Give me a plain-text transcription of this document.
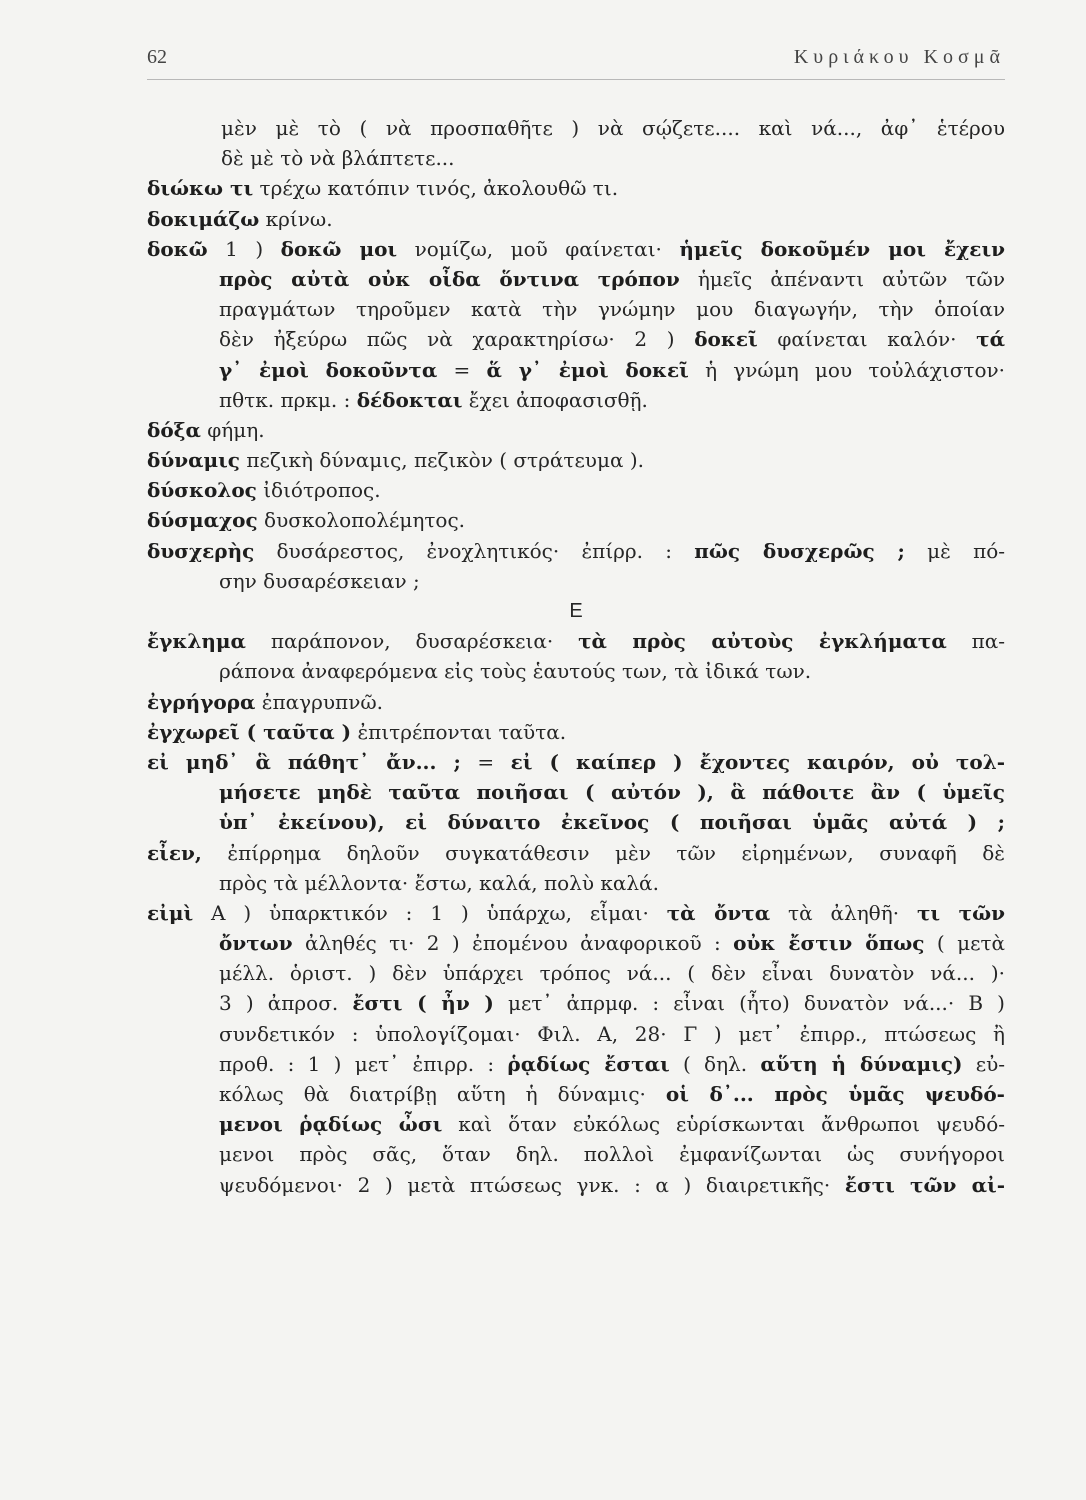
62	Κυριάκου Κοσμᾶ
μὲν μὲ τὸ ( νὰ προσπαθῆτε ) νὰ σῴζετε.... καὶ νά..., ἀφ᾽ ἑτέρου
δὲ μὲ τὸ νὰ βλάπτετε...
διώκω τι τρέχω κατόπιν τινός, ἀκολουθῶ τι.
δοκιμάζω κρίνω.
δοκῶ 1 ) δοκῶ μοι νομίζω, μοῦ φαίνεται· ἡμεῖς δοκοῦμέν μοι ἔχειν
πρὸς αὐτὰ οὐκ οἶδα ὅντινα τρόπον ἡμεῖς ἀπέναντι αὐτῶν τῶν
πραγμάτων τηροῦμεν κατὰ τὴν γνώμην μου διαγωγήν, τὴν ὁποίαν
δὲν ἠξεύρω πῶς νὰ χαρακτηρίσω· 2 ) δοκεῖ φαίνεται καλόν· τά
γ᾽ ἐμοὶ δοκοῦντα = ἅ γ᾽ ἐμοὶ δοκεῖ ἡ γνώμη μου τοὐλάχιστον·
πθτκ. πρκμ. : δέδοκται ἔχει ἀποφασισθῇ.
δόξα φήμη.
δύναμις πεζικὴ δύναμις, πεζικὸν ( στράτευμα ).
δύσκολος ἰδιότροπος.
δύσμαχος δυσκολοπολέμητος.
δυσχερὴς δυσάρεστος, ἐνοχλητικός· ἐπίρρ. : πῶς δυσχερῶς ; μὲ πό-
σην δυσαρέσκειαν ;
Ε
ἔγκλημα παράπονον, δυσαρέσκεια· τὰ πρὸς αὐτοὺς ἐγκλήματα πα-
ράπονα ἀναφερόμενα εἰς τοὺς ἑαυτούς των, τὰ ἰδικά των.
ἐγρήγορα ἐπαγρυπνῶ.
ἐγχωρεῖ ( ταῦτα ) ἐπιτρέπονται ταῦτα.
εἰ μηδ᾽ ἃ πάθητ᾽ ἄν... ; = εἰ ( καίπερ ) ἔχοντες καιρόν, οὐ τολ-
μήσετε μηδὲ ταῦτα ποιῆσαι ( αὐτόν ), ἃ πάθοιτε ἂν ( ὑμεῖς
ὑπ᾽ ἐκείνου), εἰ δύναιτο ἐκεῖνος ( ποιῆσαι ὑμᾶς αὐτά ) ;
εἶεν, ἐπίρρημα δηλοῦν συγκατάθεσιν μὲν τῶν εἰρημένων, συναφῆ δὲ
πρὸς τὰ μέλλοντα· ἔστω, καλά, πολὺ καλά.
εἰμὶ Α ) ὑπαρκτικόν : 1 ) ὑπάρχω, εἶμαι· τὰ ὄντα τὰ ἀληθῆ· τι τῶν
ὄντων ἀληθές τι· 2 ) ἐπομένου ἀναφορικοῦ : οὐκ ἔστιν ὅπως ( μετὰ
μέλλ. ὁριστ. ) δὲν ὑπάρχει τρόπος νά... ( δὲν εἶναι δυνατὸν νά... )·
3 ) ἀπροσ. ἔστι ( ἦν ) μετ᾽ ἀπρμφ. : εἶναι (ἦτο) δυνατὸν νά...· Β )
συνδετικόν : ὑπολογίζομαι· Φιλ. Α, 28· Γ ) μετ᾽ ἐπιρρ., πτώσεως ἢ
προθ. : 1 ) μετ᾽ ἐπιρρ. : ῥᾳδίως ἔσται ( δηλ. αὕτη ἡ δύναμις) εὐ-
κόλως θὰ διατρίβῃ αὕτη ἡ δύναμις· οἱ δ᾽... πρὸς ὑμᾶς ψευδό-
μενοι ῥᾳδίως ὦσι καὶ ὅταν εὐκόλως εὑρίσκωνται ἄνθρωποι ψευδό-
μενοι πρὸς σᾶς, ὅταν δηλ. πολλοὶ ἐμφανίζωνται ὡς συνήγοροι
ψευδόμενοι· 2 ) μετὰ πτώσεως γνκ. : α ) διαιρετικῆς· ἔστι τῶν αἰ-
